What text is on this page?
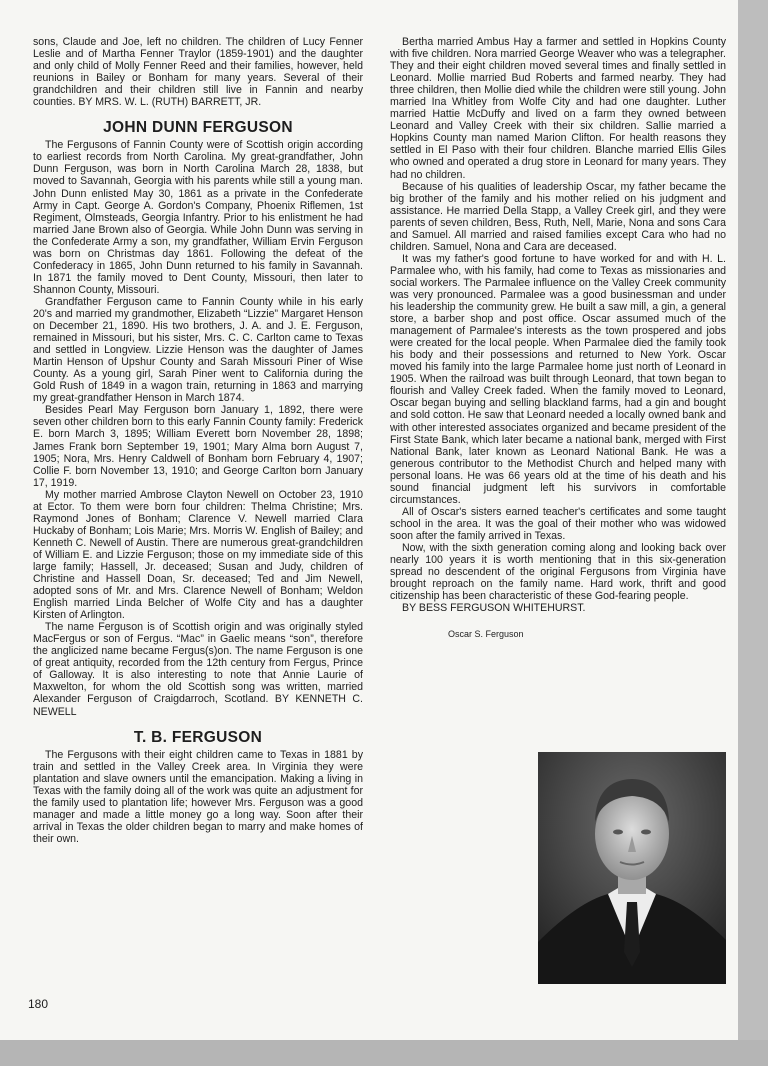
sons, Claude and Joe, left no children. The children of Lucy Fenner Leslie and of Martha Fenner Traylor (1859-1901) and the daughter and only child of Molly Fenner Reed and their families, however, held reunions in Bailey or Bonham for many years. Several of their grandchildren and their children still live in Fannin and nearby counties. BY MRS. W. L. (RUTH) BARRETT, JR.

JOHN DUNN FERGUSON

The Fergusons of Fannin County were of Scottish origin according to earliest records from North Carolina. My great-grandfather, John Dunn Ferguson, was born in North Carolina March 28, 1838, but moved to Savannah, Georgia with his parents while still a young man. John Dunn enlisted May 30, 1861 as a private in the Confederate Army in Capt. George A. Gordon's Company, Phoenix Riflemen, 1st Regiment, Olmsteads, Georgia Infantry. Prior to his enlistment he had married Jane Brown also of Georgia. While John Dunn was serving in the Confederate Army a son, my grandfather, William Ervin Ferguson was born on Christmas day 1861. Following the defeat of the Confederacy in 1865, John Dunn returned to his family in Savannah. In 1871 the family moved to Dent County, Missouri, then later to Shannon County, Missouri.

Grandfather Ferguson came to Fannin County while in his early 20's and married my grandmother, Elizabeth “Lizzie” Margaret Henson on December 21, 1890. His two brothers, J. A. and J. E. Ferguson, remained in Missouri, but his sister, Mrs. C. C. Carlton came to Texas and settled in Longview. Lizzie Henson was the daughter of James Martin Henson of Upshur County and Sarah Missouri Piner of Wise County. As a young girl, Sarah Piner went to California during the Gold Rush of 1849 in a wagon train, returning in 1863 and marrying my great-grandfather Henson in March 1874.

Besides Pearl May Ferguson born January 1, 1892, there were seven other children born to this early Fannin County family: Frederick E. born March 3, 1895; William Everett born November 28, 1898; James Frank born September 19, 1901; Mary Alma born August 7, 1905; Nora, Mrs. Henry Caldwell of Bonham born February 4, 1907; Collie F. born November 13, 1910; and George Carlton born January 17, 1919.

My mother married Ambrose Clayton Newell on October 23, 1910 at Ector. To them were born four children: Thelma Christine; Mrs. Raymond Jones of Bonham; Clarence V. Newell married Clara Huckaby of Bonham; Lois Marie; Mrs. Morris W. English of Bailey; and Kenneth C. Newell of Austin. There are numerous great-grandchildren of William E. and Lizzie Ferguson; those on my immediate side of this large family; Hassell, Jr. deceased; Susan and Judy, children of Christine and Hassell Doan, Sr. deceased; Ted and Jim Newell, adopted sons of Mr. and Mrs. Clarence Newell of Bonham; Weldon English married Linda Belcher of Wolfe City and has a daughter Kirsten of Arlington.

The name Ferguson is of Scottish origin and was originally styled MacFergus or son of Fergus. “Mac” in Gaelic means “son”, therefore the anglicized name became Fergus(s)on. The name Ferguson is one of great antiquity, recorded from the 12th century from Fergus, Prince of Galloway. It is also interesting to note that Annie Laurie of Maxwelton, for whom the old Scottish song was written, married Alexander Ferguson of Craigdarroch, Scotland. BY KENNETH C. NEWELL

T. B. FERGUSON

The Fergusons with their eight children came to Texas in 1881 by train and settled in the Valley Creek area. In Virginia they were plantation and slave owners until the emancipation. Making a living in Texas with the family doing all of the work was quite an adjustment for the family used to plantation life; however Mrs. Ferguson was a good manager and made a little money go a long way. Soon after their arrival in Texas the older children began to marry and make homes of their own.

Bertha married Ambus Hay a farmer and settled in Hopkins County with five children. Nora married George Weaver who was a telegrapher. They and their eight children moved several times and finally settled in Leonard. Mollie married Bud Roberts and farmed nearby. They had three children, then Mollie died while the children were still young. John married Ina Whitley from Wolfe City and had one daughter. Luther married Hattie McDuffy and lived on a farm they owned between Leonard and Valley Creek with their six children. Sallie married a Hopkins County man named Marion Clifton. For health reasons they settled in El Paso with their four children. Blanche married Ellis Giles who owned and operated a drug store in Leonard for many years. They had no children.

Because of his qualities of leadership Oscar, my father became the big brother of the family and his mother relied on his judgment and assistance. He married Della Stapp, a Valley Creek girl, and they were parents of seven children, Bess, Ruth, Nell, Marie, Nona and sons Cara and Samuel. All married and raised families except Cara who had no children. Samuel, Nona and Cara are deceased.

It was my father's good fortune to have worked for and with H. L. Parmalee who, with his family, had come to Texas as missionaries and social workers. The Parmalee influence on the Valley Creek community was very pronounced. Parmalee was a good businessman and under his leadership the community grew. He built a saw mill, a gin, a general store, a barber shop and post office. Oscar assumed much of the management of Parmalee's interests as the town prospered and jobs were created for the local people. When Parmalee died the family took his body and their possessions and returned to New York. Oscar moved his family into the large Parmalee home just north of Leonard in 1905. When the railroad was built through Leonard, that town began to flourish and Valley Creek faded. When the family moved to Leonard, Oscar began buying and selling blackland farms, had a gin and bought and sold cotton. He saw that Leonard needed a locally owned bank and with other interested associates organized and became president of the First State Bank, which later became a national bank, merged with First National Bank, later known as Leonard National Bank. He was a generous contributor to the Methodist Church and helped many with personal loans. He was 66 years old at the time of his death and his sound financial judgment left his survivors in comfortable circumstances.

All of Oscar's sisters earned teacher's certificates and some taught school in the area. It was the goal of their mother who was widowed soon after the family arrived in Texas.

Now, with the sixth generation coming along and looking back over nearly 100 years it is worth mentioning that in this six-generation spread no descendent of the original Fergusons from Virginia have brought reproach on the family name. Hard work, thrift and good citizenship has been characteristic of these God-fearing people.

BY BESS FERGUSON WHITEHURST.

Oscar S. Ferguson
180
